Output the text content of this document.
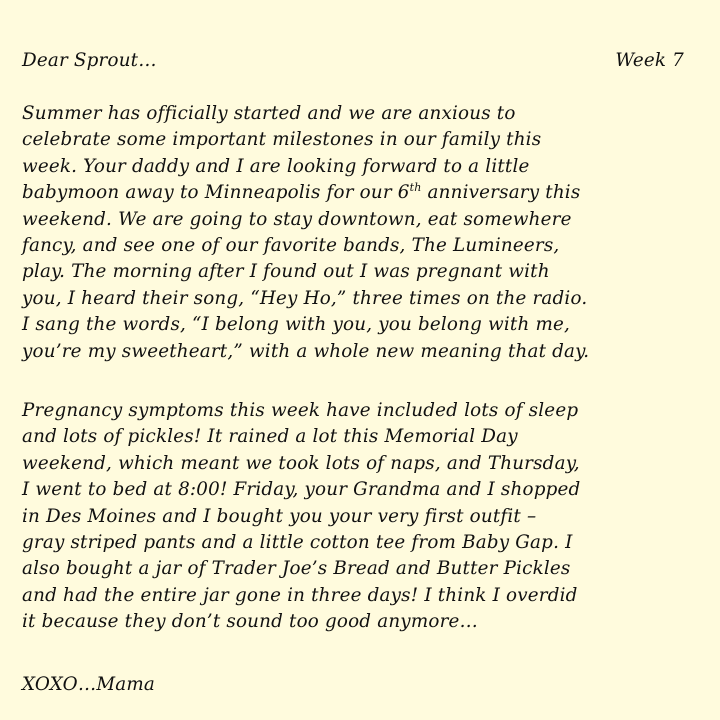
Dear Sprout…	Week 7
Summer has officially started and we are anxious to
celebrate some important milestones in our family this
week. Your daddy and I are looking forward to a little
babymoon away to Minneapolis for our 6th anniversary this
weekend. We are going to stay downtown, eat somewhere
fancy, and see one of our favorite bands, The Lumineers,
play. The morning after I found out I was pregnant with
you, I heard their song, “Hey Ho,” three times on the radio.
I sang the words, “I belong with you, you belong with me,
you’re my sweetheart,” with a whole new meaning that day.
Pregnancy symptoms this week have included lots of sleep
and lots of pickles! It rained a lot this Memorial Day
weekend, which meant we took lots of naps, and Thursday,
I went to bed at 8:00! Friday, your Grandma and I shopped
in Des Moines and I bought you your very first outfit –
gray striped pants and a little cotton tee from Baby Gap. I
also bought a jar of Trader Joe’s Bread and Butter Pickles
and had the entire jar gone in three days! I think I overdid
it because they don’t sound too good anymore…
XOXO…Mama
